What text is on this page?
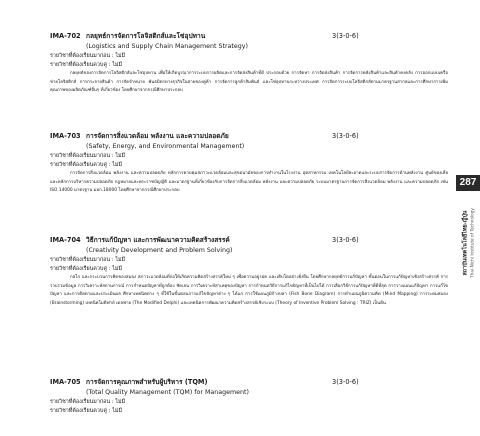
IMA-702 กลยุทธ์การจัดการโลจิสติกส์และโซ่อุปทาน	3(3-0-6)
(Logistics and Supply Chain Management Strategy)
รายวิชาที่ต้องเรียนมาก่อน : ไม่มี
รายวิชาที่ต้องเรียนควบคู่ : ไม่มี

กลยุทธ์ของการจัดการโลจิสติกส์และโซ่อุปทาน เพื่อให้เกิดบูรณาการระบบการผลิตและการจัดส่งสินค้าที่ดี ประกอบด้วย การจัดหา การจัดส่งสินค้า การจัดการคลังสินค้าและสินค้าคงคลัง การออกแบบเครือข่ายโลจิสติกส์ การกระจายสินค้า การจัดจำหน่าย พันธมิตรทางธุรกิจในสายของคู่ค้า การจัดการลูกค้าสัมพันธ์ และโซ่อุปทานระหว่างประเทศ การจัดการระบบโลจิสติกส์ตามมาตรฐานสากลและการศึกษาการเพิ่มคุณภาพของผลิตภัณฑ์อื่นๆ ที่เกี่ยวข้อง โดยศึกษาจากกรณีศึกษาประกอบ

IMA-703 การจัดการสิ่งแวดล้อม พลังงาน และความปลอดภัย	3(3-0-6)
(Safety, Energy, and Environmental Management)
รายวิชาที่ต้องเรียนมาก่อน : ไม่มี
รายวิชาที่ต้องเรียนควบคู่ : ไม่มี

การจัดการสิ่งแวดล้อม พลังงาน และความปลอดภัย หลักการควบคุมสภาวะแวดล้อมและสุขอนามัยของการทำงานในโรงงาน อุตสาหกรรม เทคโนโลยีสะอาดและระบบการจัดการด้านพลังงาน ศูนย์ของเสียและหลักการบริหารความปลอดภัย กฎหมายและพระราชบัญญัติ และมาตรฐานที่เกี่ยวข้องกับการจัดการสิ่งแวดล้อม พลังงาน และความปลอดภัย ระบบมาตรฐานการจัดการสิ่งแวดล้อม พลังงาน และความปลอดภัย เช่น ISO 14000 มาตรฐาน มอก.18000 โดยศึกษาจากกรณีศึกษาประกอบ

IMA-704 วิธีการแก้ปัญหา และการพัฒนาความคิดสร้างสรรค์	3(3-0-6)
(Creativity Development and Problem Solving)
รายวิชาที่ต้องเรียนมาก่อน : ไม่มี
รายวิชาที่ต้องเรียนควบคู่ : ไม่มี

กลไก และกระบวนการคิดของสมอง สภาวะแวดล้อมที่ก่อให้เกิดความคิดสร้างสรรค์ใหม่ ๆ เพื่อความอยู่รอด และเติบโตอย่างยั่งยืน โดยศึกษากลยุทธ์การแก้ปัญหา ขั้นตอนในการแก้ปัญหาเชิงสร้างสรรค์ การรวบรวมข้อมูล การวิเคราะห์สถานการณ์ การกำหนดปัญหาที่ถูกต้อง ชัดเจน การวิเคราะห์สาเหตุของปัญหา การกำหนดวิธีการแก้ไขปัญหาที่เป็นไปได้ การเลือกวิธีการแก้ปัญหาที่ดีที่สุด การวางแผนแก้ปัญหา การแก้ไขปัญหา และการติดตามและประเมินผล ศึกษาเทคนิคต่าง ๆ ที่ใช้ในขั้นตอนการแก้ไขปัญหาต่าง ๆ ได้แก่ การใช้แผนภูมิก้างปลา (Fish Bone Diagram) การทำแผนภูมิความคิด (Mind Mapping) การระดมสมอง (Brainstorming) เทคนิคโมดิฟาย์ เดลฟาย (The Modified Delphi) และเทคนิคการพัฒนาความคิดสร้างสรรค์เชิงระบบ (Theory of Inventive Problem Solving : TRIZ) เป็นต้น

IMA-705 การจัดการคุณภาพสำหรับผู้บริหาร (TQM)	3(3-0-6)
(Total Quality Management (TQM) for Management)
รายวิชาที่ต้องเรียนมาก่อน : ไม่มี
รายวิชาที่ต้องเรียนควบคู่ : ไม่มี
287
สถาบันเทคโนโลยีไทย-ญี่ปุ่น Thai-Nichi Institute of Technology
